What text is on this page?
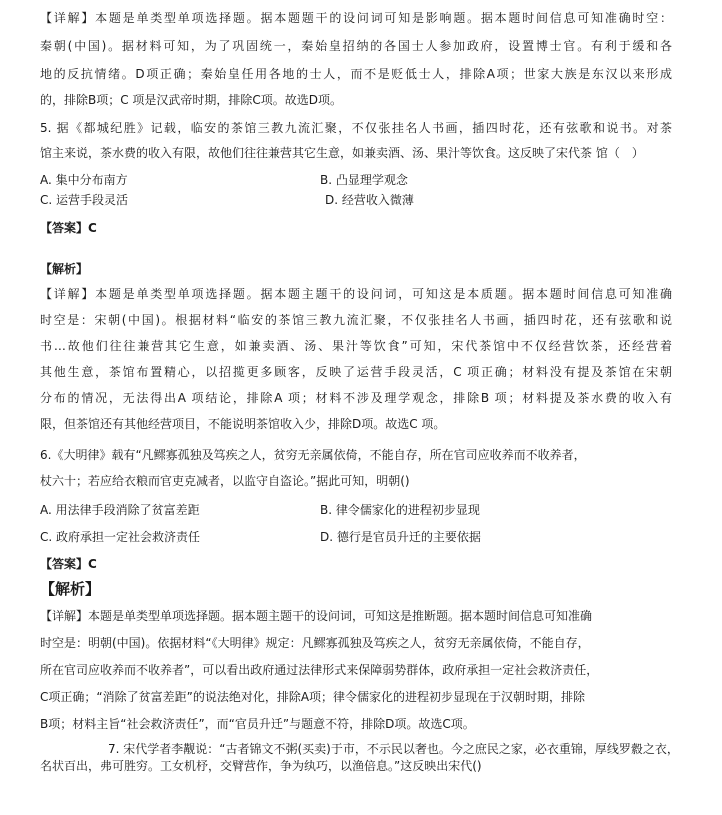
【详解】本题是单类型单项选择题。据本题题干的设问词可知是影响题。据本题时间信息可知准确时空：
秦朝(中国)。据材料可知，为了巩固统一，秦始皇招纳的各国士人参加政府，设置博士官。有利于缓和各
地的反抗情绪。D项正确；秦始皇任用各地的士人，而不是贬低士人，排除A项；世家大族是东汉以来形成
的，排除B项；C 项是汉武帝时期，排除C项。故选D项。
5. 据《都城纪胜》记载，临安的茶馆三教九流汇聚，不仅张挂名人书画，插四时花，还有弦歌和说书。对茶
馆主来说，茶水费的收入有限，故他们往往兼营其它生意，如兼卖酒、汤、果汁等饮食。这反映了宋代茶 馆（　）
A. 集中分布南方	B. 凸显理学观念
C. 运营手段灵活	D. 经营收入微薄
【答案】C
【解析】
【详解】本题是单类型单项选择题。据本题主题干的设问词，可知这是本质题。据本题时间信息可知准确
时空是：宋朝(中国)。根据材料“临安的茶馆三教九流汇聚，不仅张挂名人书画，插四时花，还有弦歌和说
书…故他们往往兼营其它生意，如兼卖酒、汤、果汁等饮食”可知，宋代茶馆中不仅经营饮茶，还经营着
其他生意，茶馆布置精心，以招揽更多顾客，反映了运营手段灵活，C 项正确；材料没有提及茶馆在宋朝
分布的情况，无法得出A 项结论，排除A 项；材料不涉及理学观念，排除B 项；材料提及茶水费的收入有
限，但茶馆还有其他经营项目，不能说明茶馆收入少，排除D项。故选C 项。
6.《大明律》载有“凡鳏寡孤独及笃疾之人，贫穷无亲属依倚，不能自存，所在官司应收养而不收养者，
杖六十；若应给衣粮而官吏克减者，以监守自盗论。”据此可知，明朝()
A. 用法律手段消除了贫富差距	B. 律令儒家化的进程初步显现
C. 政府承担一定社会救济责任	D. 德行是官员升迁的主要依据
【答案】C
【解析】
【详解】本题是单类型单项选择题。据本题主题干的设问词，可知这是推断题。据本题时间信息可知准确
时空是：明朝(中国)。依据材料“《大明律》规定：凡鳏寡孤独及笃疾之人，贫穷无亲属依倚，不能自存，
所在官司应收养而不收养者”，可以看出政府通过法律形式来保障弱势群体，政府承担一定社会救济责任，
C项正确；“消除了贫富差距”的说法绝对化，排除A项；律令儒家化的进程初步显现在于汉朝时期，排除
B项；材料主旨“社会救济责任”，而“官员升迁”与题意不符，排除D项。故选C项。
7. 宋代学者李觏说：“古者锦文不粥(买卖)于市，不示民以奢也。今之庶民之家，必衣重锦，厚线罗縠之衣，
名状百出，弗可胜穷。工女机杼，交臂营作，争为纨巧，以渔倍息。”这反映出宋代()
